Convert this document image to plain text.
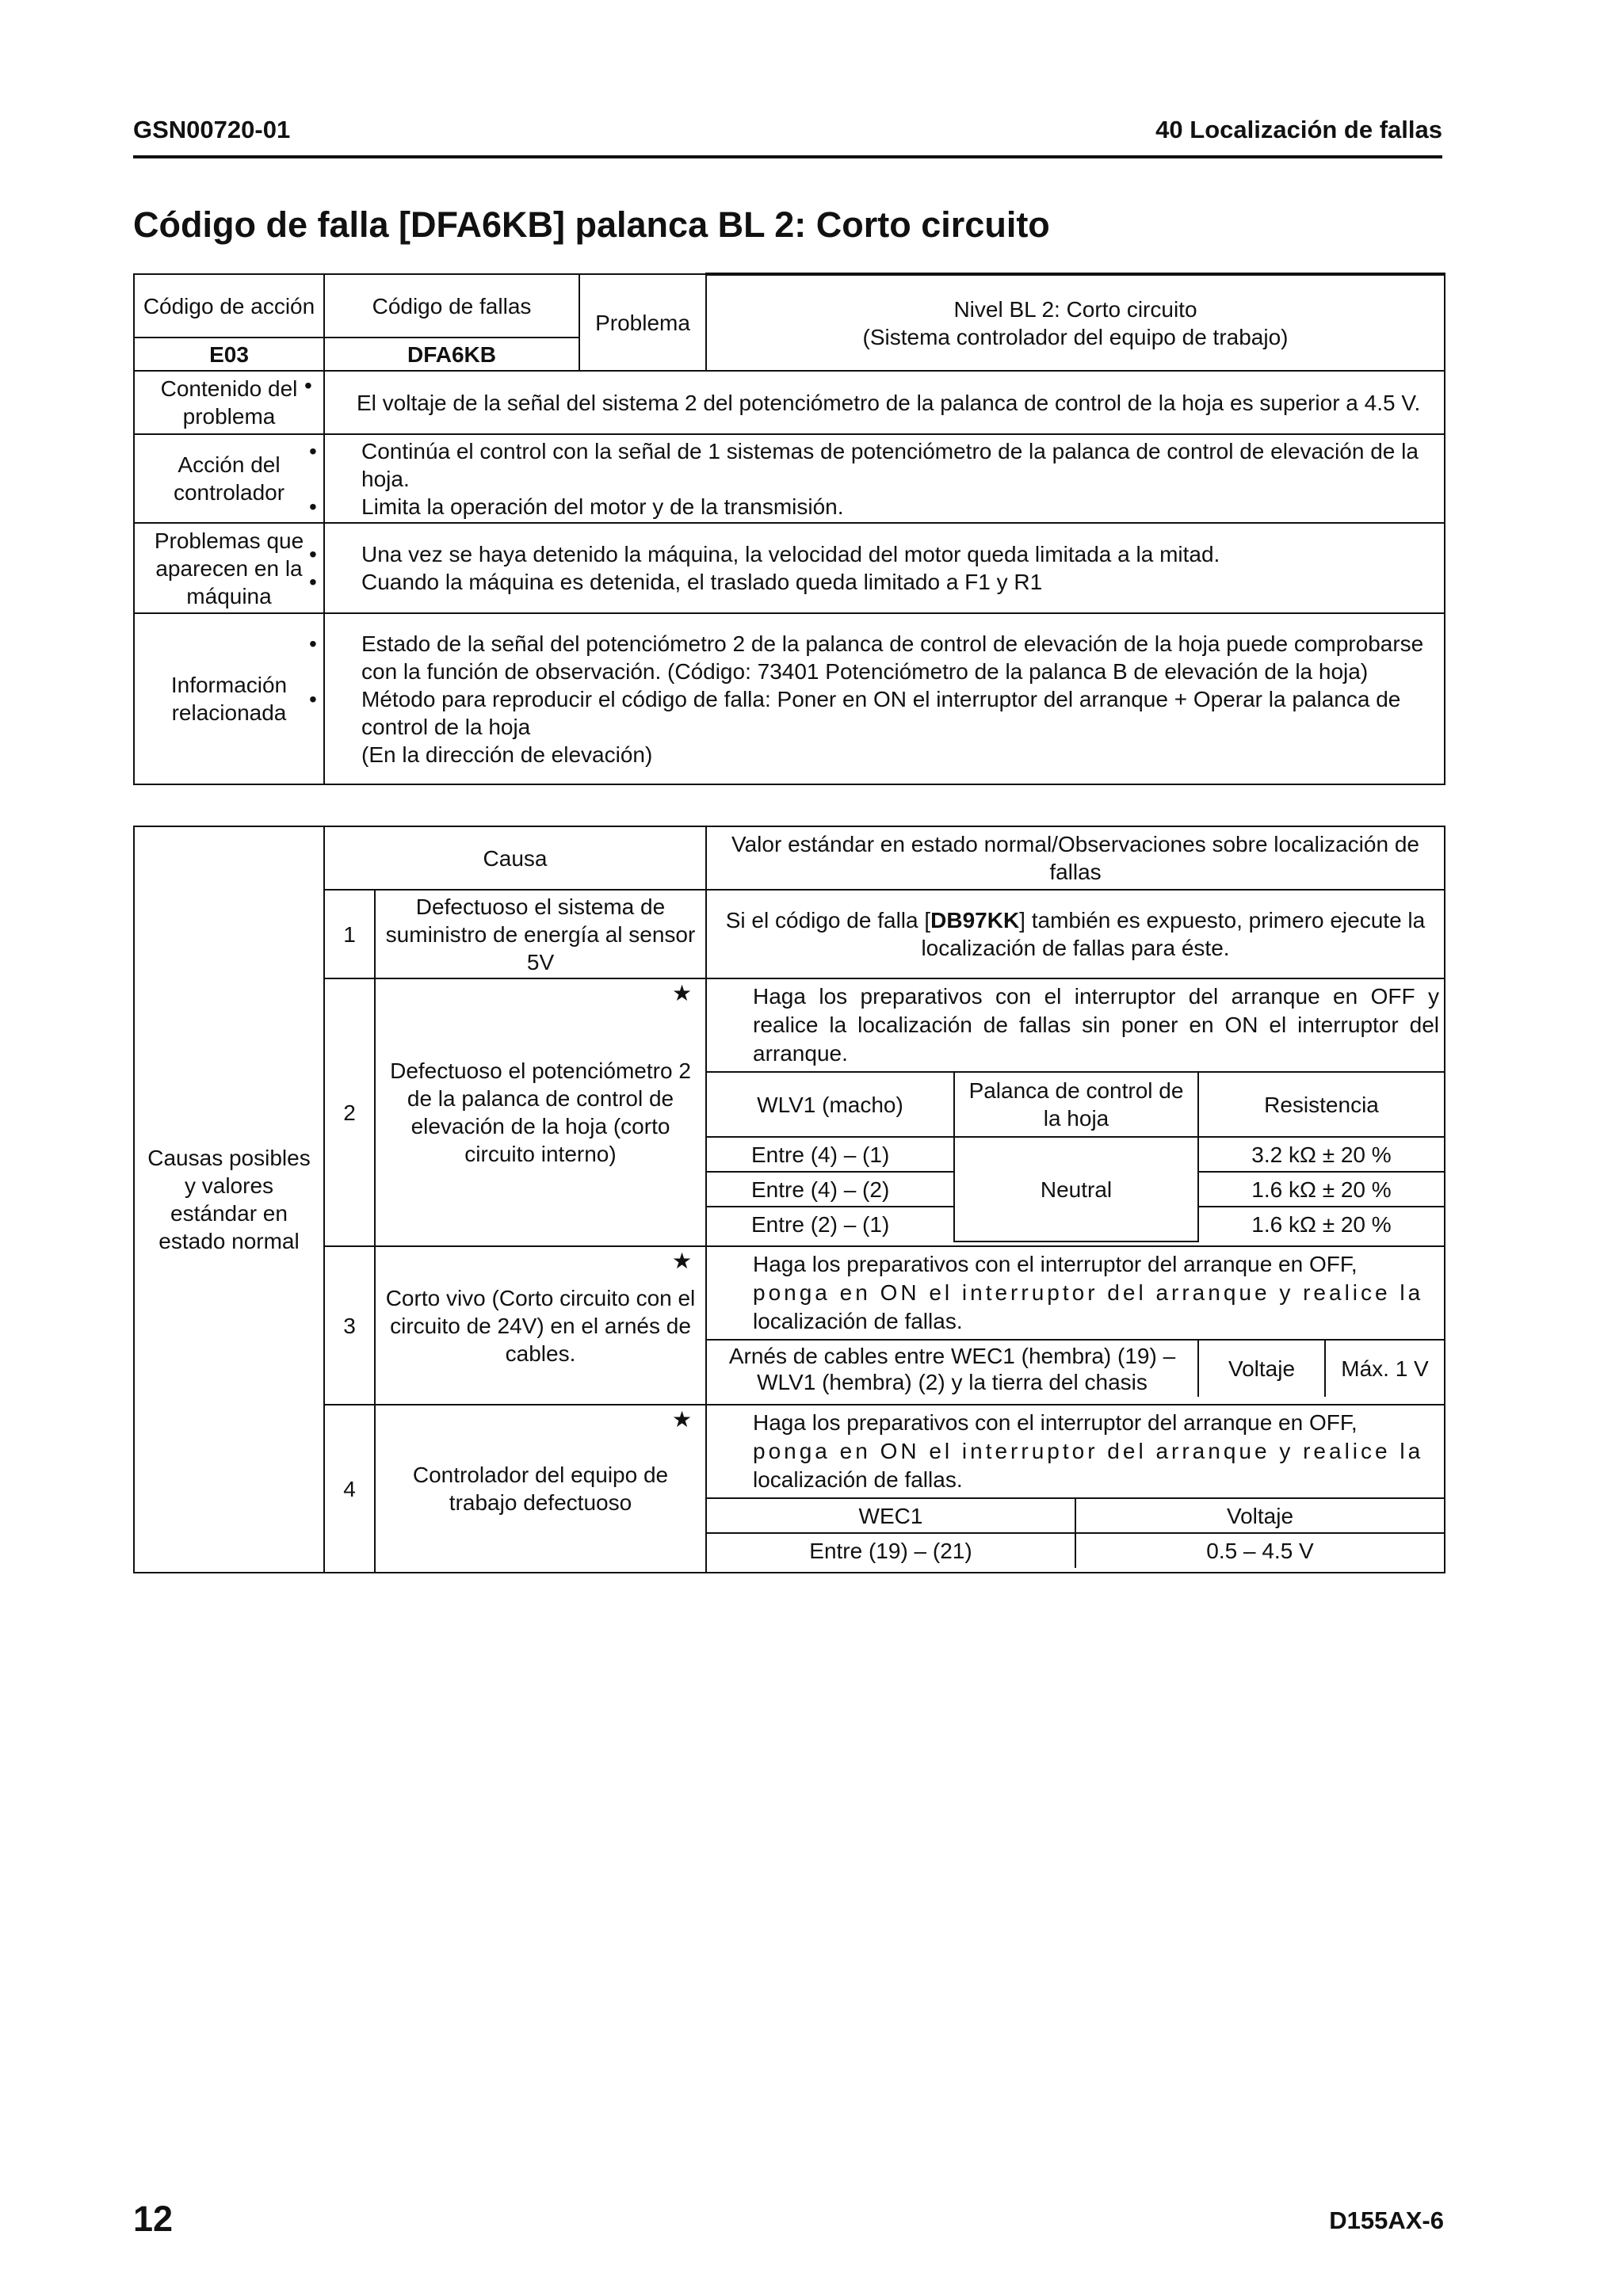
GSN00720-01	40 Localización de fallas
Código de falla [DFA6KB] palanca BL 2: Corto circuito
Código de acción	Código de fallas	Problema	Nivel BL 2: Corto circuito
(Sistema controlador del equipo de trabajo)

E03	DFA6KB		
Contenido del problema	• El voltaje de la señal del sistema 2 del potenciómetro de la palanca de control de la hoja es superior a 4.5 V.
Acción del controlador	• Continúa el control con la señal de 1 sistemas de potenciómetro de la palanca de control de elevación de la hoja.
• Limita la operación del motor y de la transmisión.

Problemas que aparecen en la máquina	• Una vez se haya detenido la máquina, la velocidad del motor queda limitada a la mitad.
• Cuando la máquina es detenida, el traslado queda limitado a F1 y R1

Información relacionada	• Estado de la señal del potenciómetro 2 de la palanca de control de elevación de la hoja puede comprobarse con la función de observación. (Código: 73401 Potenciómetro de la palanca B de elevación de la hoja)
• Método para reproducir el código de falla: Poner en ON el interruptor del arranque + Operar la palanca de control de la hoja
(En la dirección de elevación)
Causas posibles y valores estándar en estado normal	Causa	Valor estándar en estado normal/Observaciones sobre localización de fallas
1	Defectuoso el sistema de suministro de energía al sensor 5V	Si el código de falla [DB97KK] también es expuesto, primero ejecute la localización de fallas para éste.
2	Defectuoso el potenciómetro 2 de la palanca de control de elevación de la hoja (corto circuito interno)	
★ Haga los preparativos con el interruptor del arranque en OFF y realice la localización de fallas sin poner en ON el interruptor del arranque.
WLV1 (macho)	Palanca de control de la hoja	Resistencia
Entre (4) – (1)	Neutral	3.2 kΩ ± 20 %
Entre (4) – (2)	1.6 kΩ ± 20 %
Entre (2) – (1)	1.6 kΩ ± 20 %

3	Corto vivo (Corto circuito con el circuito de 24V) en el arnés de cables.	
★ Haga los preparativos con el interruptor del arranque en OFF,
ponga en ON el interruptor del arranque y realice la
localización de fallas.
Arnés de cables entre WEC1 (hembra) (19) – WLV1 (hembra) (2) y la tierra del chasis	Voltaje	Máx. 1 V

4	Controlador del equipo de trabajo defectuoso	
★ Haga los preparativos con el interruptor del arranque en OFF,
ponga en ON el interruptor del arranque y realice la
localización de fallas.
WEC1	Voltaje
Entre (19) – (21)	0.5 – 4.5 V
12	D155AX-6
